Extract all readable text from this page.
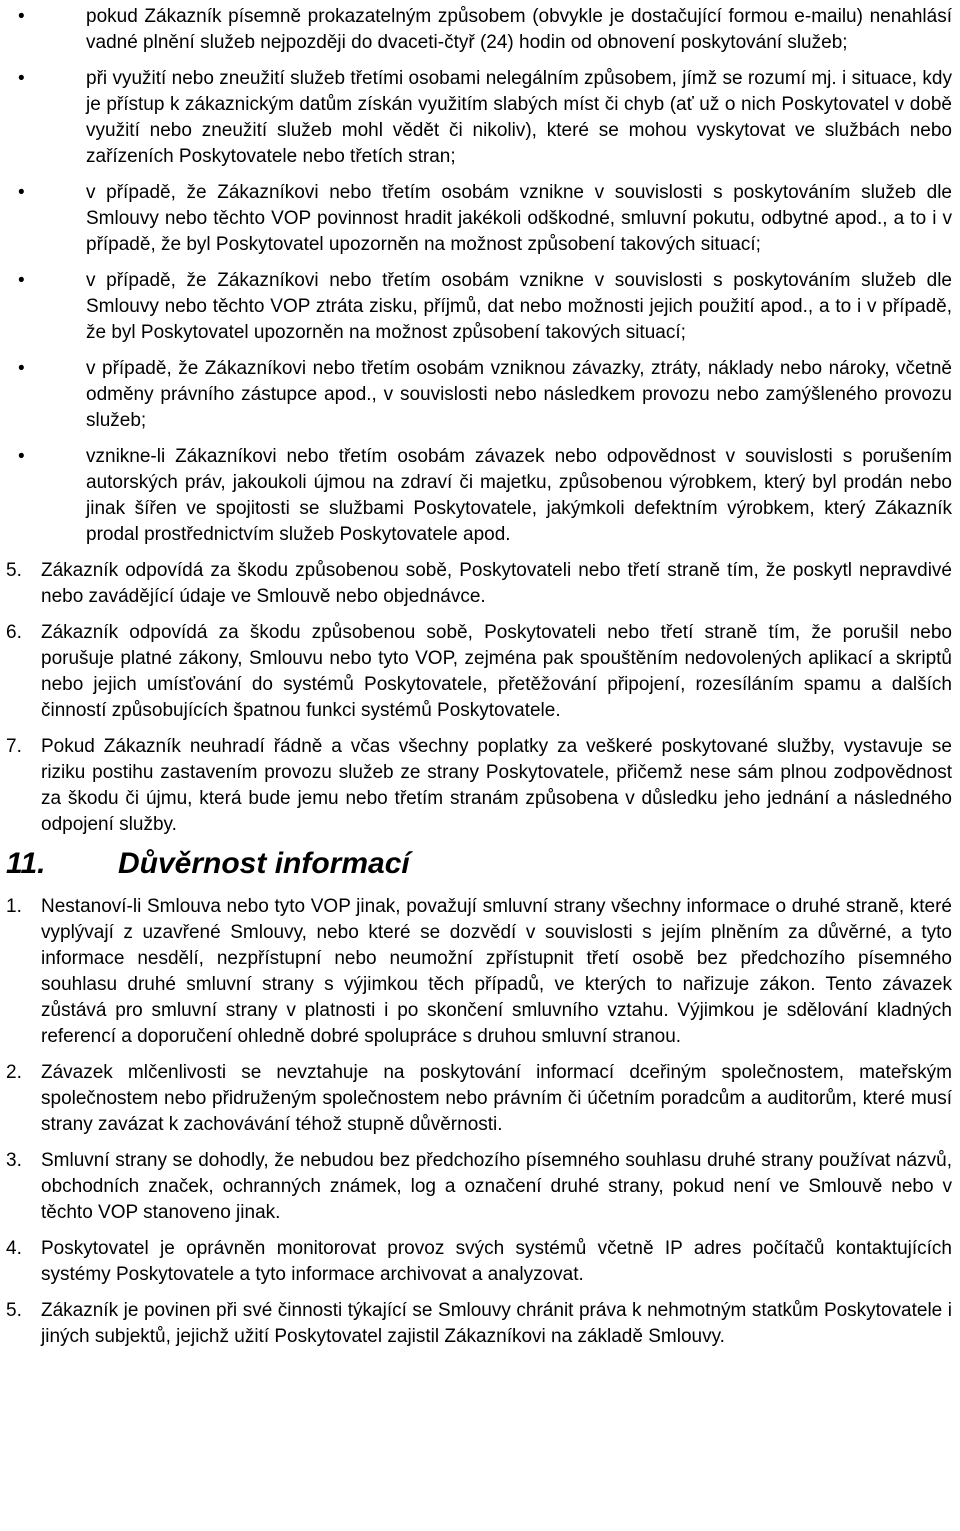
•	pokud Zákazník písemně prokazatelným způsobem (obvykle je dostačující formou e-mailu) nenahlásí vadné plnění služeb nejpozději do dvaceti-čtyř (24) hodin od obnovení poskytování služeb;
•	při využití nebo zneužití služeb třetími osobami nelegálním způsobem, jímž se rozumí mj. i situace, kdy je přístup k zákaznickým datům získán využitím slabých míst či chyb (ať už o nich Poskytovatel v době využití nebo zneužití služeb mohl vědět či nikoliv), které se mohou vyskytovat ve službách nebo zařízeních Poskytovatele nebo třetích stran;
•	v případě, že Zákazníkovi nebo třetím osobám vznikne v souvislosti s poskytováním služeb dle Smlouvy nebo těchto VOP povinnost hradit jakékoli odškodné, smluvní pokutu, odbytné apod., a to i v případě, že byl Poskytovatel upozorněn na možnost způsobení takových situací;
•	v případě, že Zákazníkovi nebo třetím osobám vznikne v souvislosti s poskytováním služeb dle Smlouvy nebo těchto VOP ztráta zisku, příjmů, dat nebo možnosti jejich použití apod., a to i v případě, že byl Poskytovatel upozorněn na možnost způsobení takových situací;
•	v případě, že Zákazníkovi nebo třetím osobám vzniknou závazky, ztráty, náklady nebo nároky, včetně odměny právního zástupce apod., v souvislosti nebo následkem provozu nebo zamýšleného provozu služeb;
•	vznikne-li Zákazníkovi nebo třetím osobám závazek nebo odpovědnost v souvislosti s porušením autorských práv, jakoukoli újmou na zdraví či majetku, způsobenou výrobkem, který byl prodán nebo jinak šířen ve spojitosti se službami Poskytovatele, jakýmkoli defektním výrobkem, který Zákazník prodal prostřednictvím služeb Poskytovatele apod.
5. Zákazník odpovídá za škodu způsobenou sobě, Poskytovateli nebo třetí straně tím, že poskytl nepravdivé nebo zavádějící údaje ve Smlouvě nebo objednávce.
6. Zákazník odpovídá za škodu způsobenou sobě, Poskytovateli nebo třetí straně tím, že porušil nebo porušuje platné zákony, Smlouvu nebo tyto VOP, zejména pak spouštěním nedovolených aplikací a skriptů nebo jejich umísťování do systémů Poskytovatele, přetěžování připojení, rozesíláním spamu a dalších činností způsobujících špatnou funkci systémů Poskytovatele.
7. Pokud Zákazník neuhradí řádně a včas všechny poplatky za veškeré poskytované služby, vystavuje se riziku postihu zastavením provozu služeb ze strany Poskytovatele, přičemž nese sám plnou zodpovědnost za škodu či újmu, která bude jemu nebo třetím stranám způsobena v důsledku jeho jednání a následného odpojení služby.
11. Důvěrnost informací
1. Nestanoví-li Smlouva nebo tyto VOP jinak, považují smluvní strany všechny informace o druhé straně, které vyplývají z uzavřené Smlouvy, nebo které se dozvědí v souvislosti s jejím plněním za důvěrné, a tyto informace nesdělí, nezpřístupní nebo neumožní zpřístupnit třetí osobě bez předchozího písemného souhlasu druhé smluvní strany s výjimkou těch případů, ve kterých to nařizuje zákon. Tento závazek zůstává pro smluvní strany v platnosti i po skončení smluvního vztahu. Výjimkou je sdělování kladných referencí a doporučení ohledně dobré spolupráce s druhou smluvní stranou.
2. Závazek mlčenlivosti se nevztahuje na poskytování informací dceřiným společnostem, mateřským společnostem nebo přidruženým společnostem nebo právním či účetním poradcům a auditorům, které musí strany zavázat k zachovávání téhož stupně důvěrnosti.
3. Smluvní strany se dohodly, že nebudou bez předchozího písemného souhlasu druhé strany používat názvů, obchodních značek, ochranných známek, log a označení druhé strany, pokud není ve Smlouvě nebo v těchto VOP stanoveno jinak.
4. Poskytovatel je oprávněn monitorovat provoz svých systémů včetně IP adres počítačů kontaktujících systémy Poskytovatele a tyto informace archivovat a analyzovat.
5. Zákazník je povinen při své činnosti týkající se Smlouvy chránit práva k nehmotným statkům Poskytovatele i jiných subjektů, jejichž užití Poskytovatel zajistil Zákazníkovi na základě Smlouvy.
